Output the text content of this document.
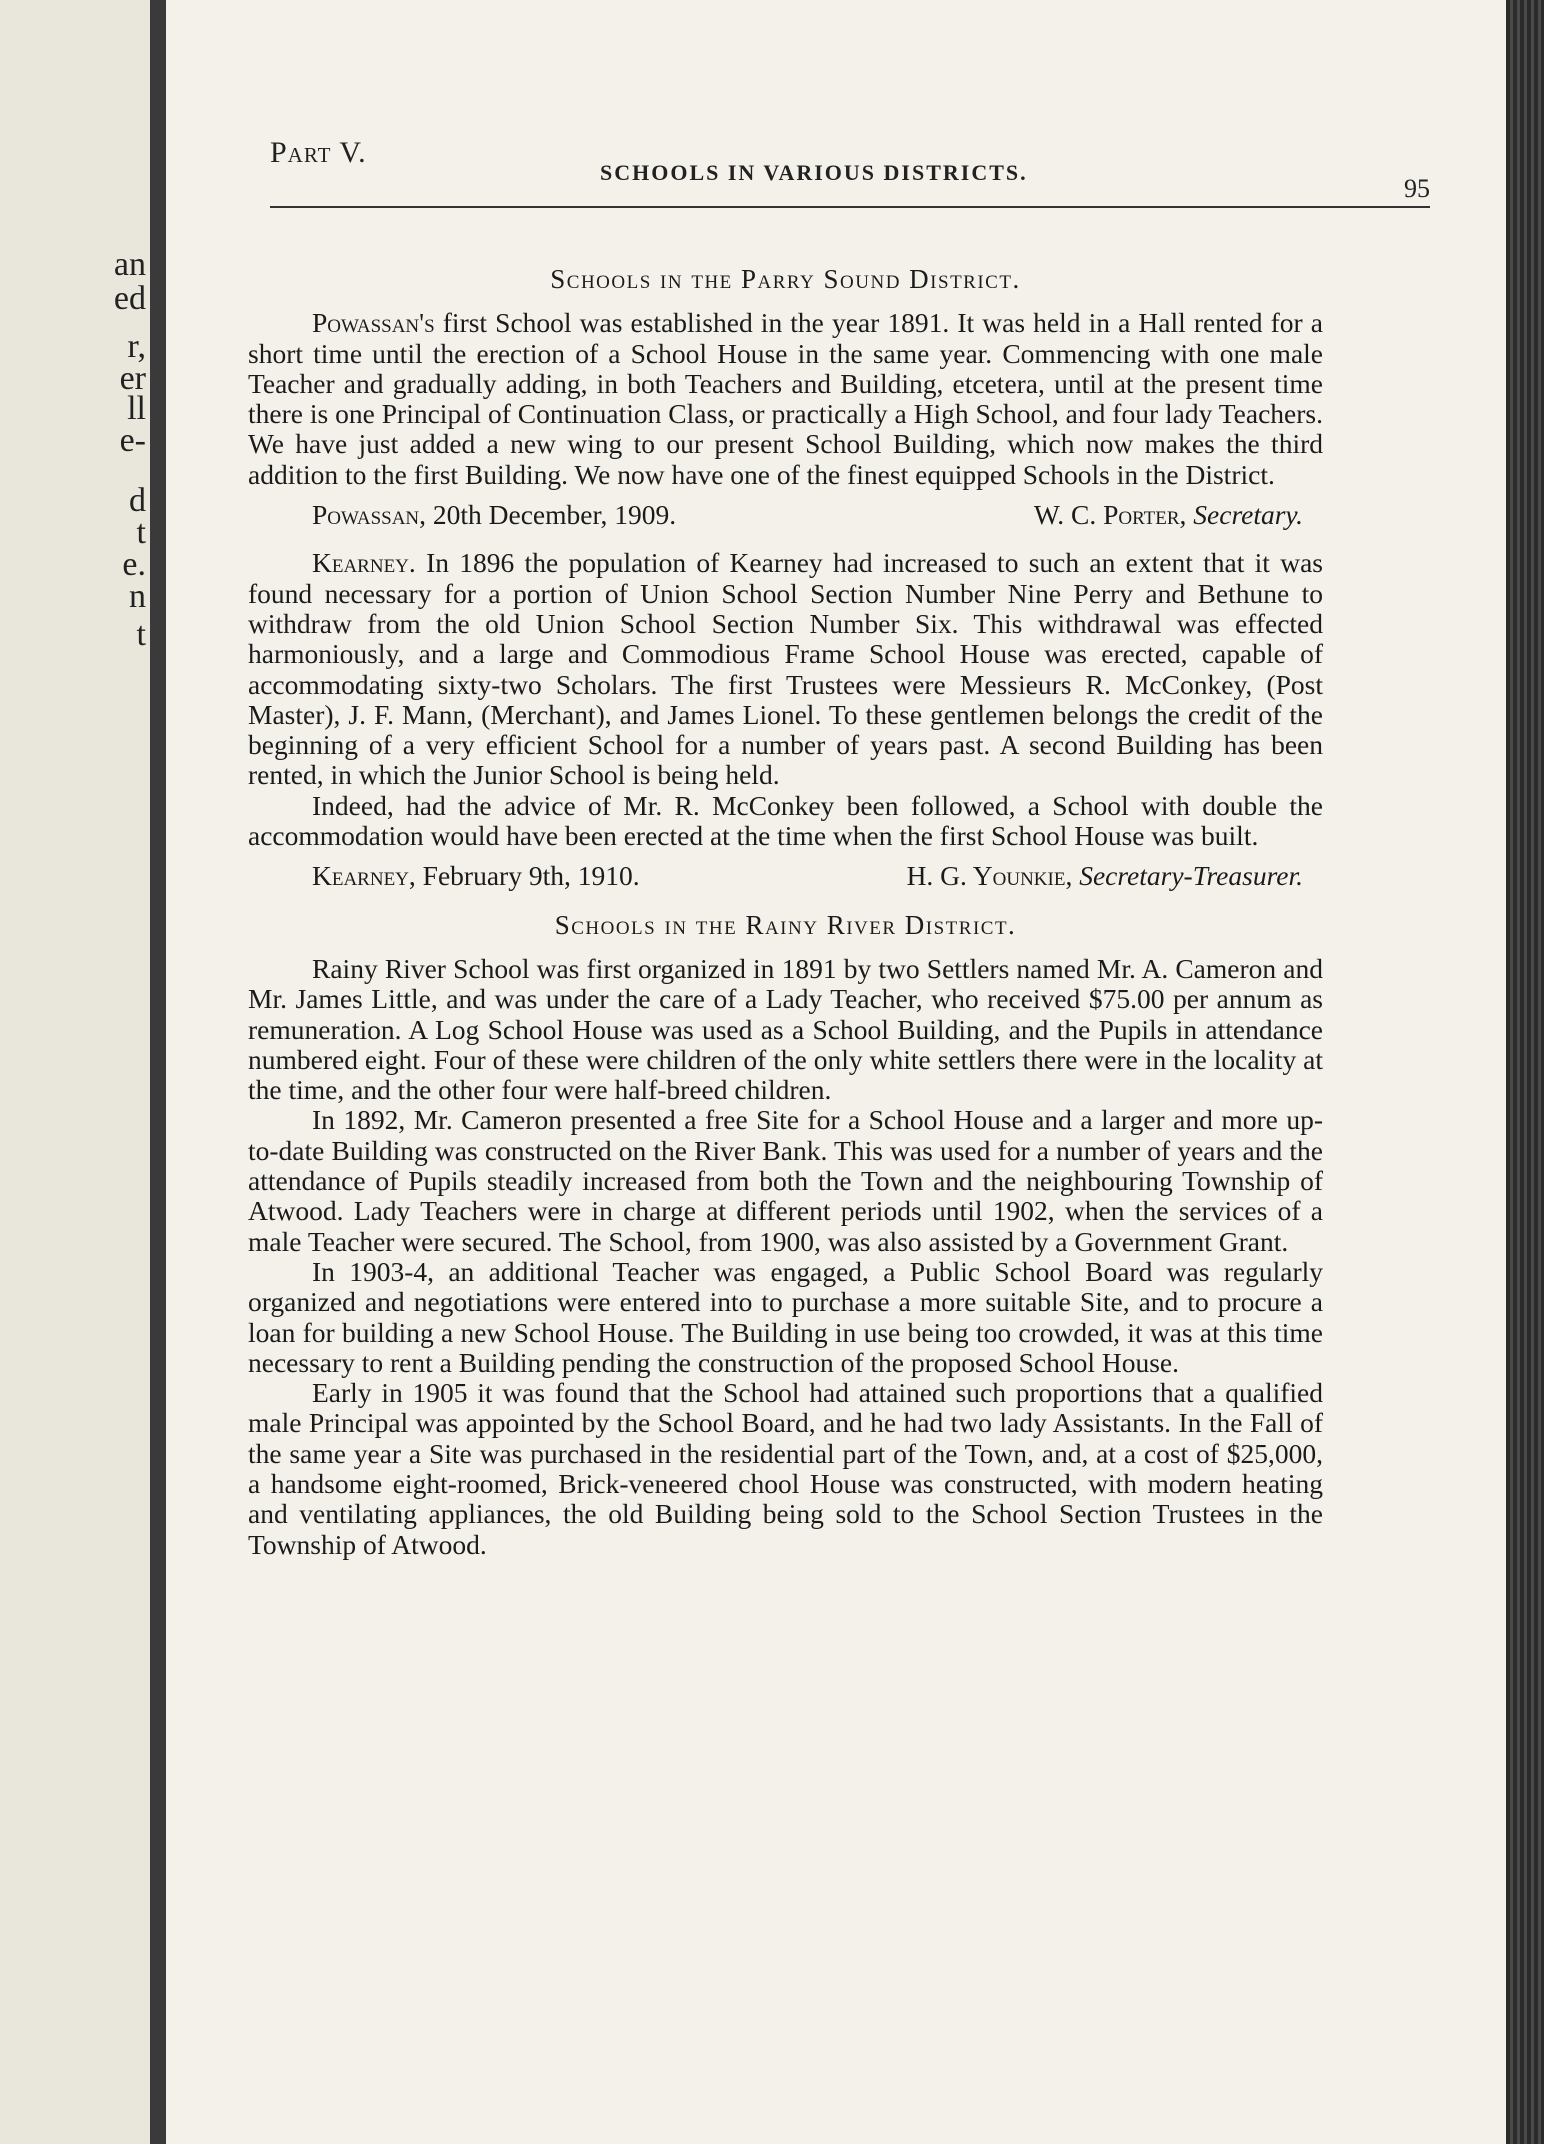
an
ed
r,
er
ll
e-
d
t
e.
n
t
Part V.
SCHOOLS IN VARIOUS DISTRICTS.
95
Schools in the Parry Sound District.

Powassan's first School was established in the year 1891. It was held in a Hall rented for a short time until the erection of a School House in the same year. Commencing with one male Teacher and gradually adding, in both Teachers and Building, etcetera, until at the present time there is one Principal of Continuation Class, or practically a High School, and four lady Teachers. We have just added a new wing to our present School Building, which now makes the third addition to the first Building. We now have one of the finest equipped Schools in the District.

Powassan, 20th December, 1909.	W. C. Porter, Secretary.

Kearney. In 1896 the population of Kearney had increased to such an extent that it was found necessary for a portion of Union School Section Number Nine Perry and Bethune to withdraw from the old Union School Section Number Six. This withdrawal was effected harmoniously, and a large and Commodious Frame School House was erected, capable of accommodating sixty-two Scholars. The first Trustees were Messieurs R. McConkey, (Post Master), J. F. Mann, (Merchant), and James Lionel. To these gentlemen belongs the credit of the beginning of a very efficient School for a number of years past. A second Building has been rented, in which the Junior School is being held.

Indeed, had the advice of Mr. R. McConkey been followed, a School with double the accommodation would have been erected at the time when the first School House was built.

Kearney, February 9th, 1910.	H. G. Younkie, Secretary-Treasurer.
Schools in the Rainy River District.

Rainy River School was first organized in 1891 by two Settlers named Mr. A. Cameron and Mr. James Little, and was under the care of a Lady Teacher, who received $75.00 per annum as remuneration. A Log School House was used as a School Building, and the Pupils in attendance numbered eight. Four of these were children of the only white settlers there were in the locality at the time, and the other four were half-breed children.

In 1892, Mr. Cameron presented a free Site for a School House and a larger and more up-to-date Building was constructed on the River Bank. This was used for a number of years and the attendance of Pupils steadily increased from both the Town and the neighbouring Township of Atwood. Lady Teachers were in charge at different periods until 1902, when the services of a male Teacher were secured. The School, from 1900, was also assisted by a Government Grant.

In 1903-4, an additional Teacher was engaged, a Public School Board was regularly organized and negotiations were entered into to purchase a more suitable Site, and to procure a loan for building a new School House. The Building in use being too crowded, it was at this time necessary to rent a Building pending the construction of the proposed School House.

Early in 1905 it was found that the School had attained such proportions that a qualified male Principal was appointed by the School Board, and he had two lady Assistants. In the Fall of the same year a Site was purchased in the residential part of the Town, and, at a cost of $25,000, a handsome eight-roomed, Brick-veneered chool House was constructed, with modern heating and ventilating appliances, the old Building being sold to the School Section Trustees in the Township of Atwood.
